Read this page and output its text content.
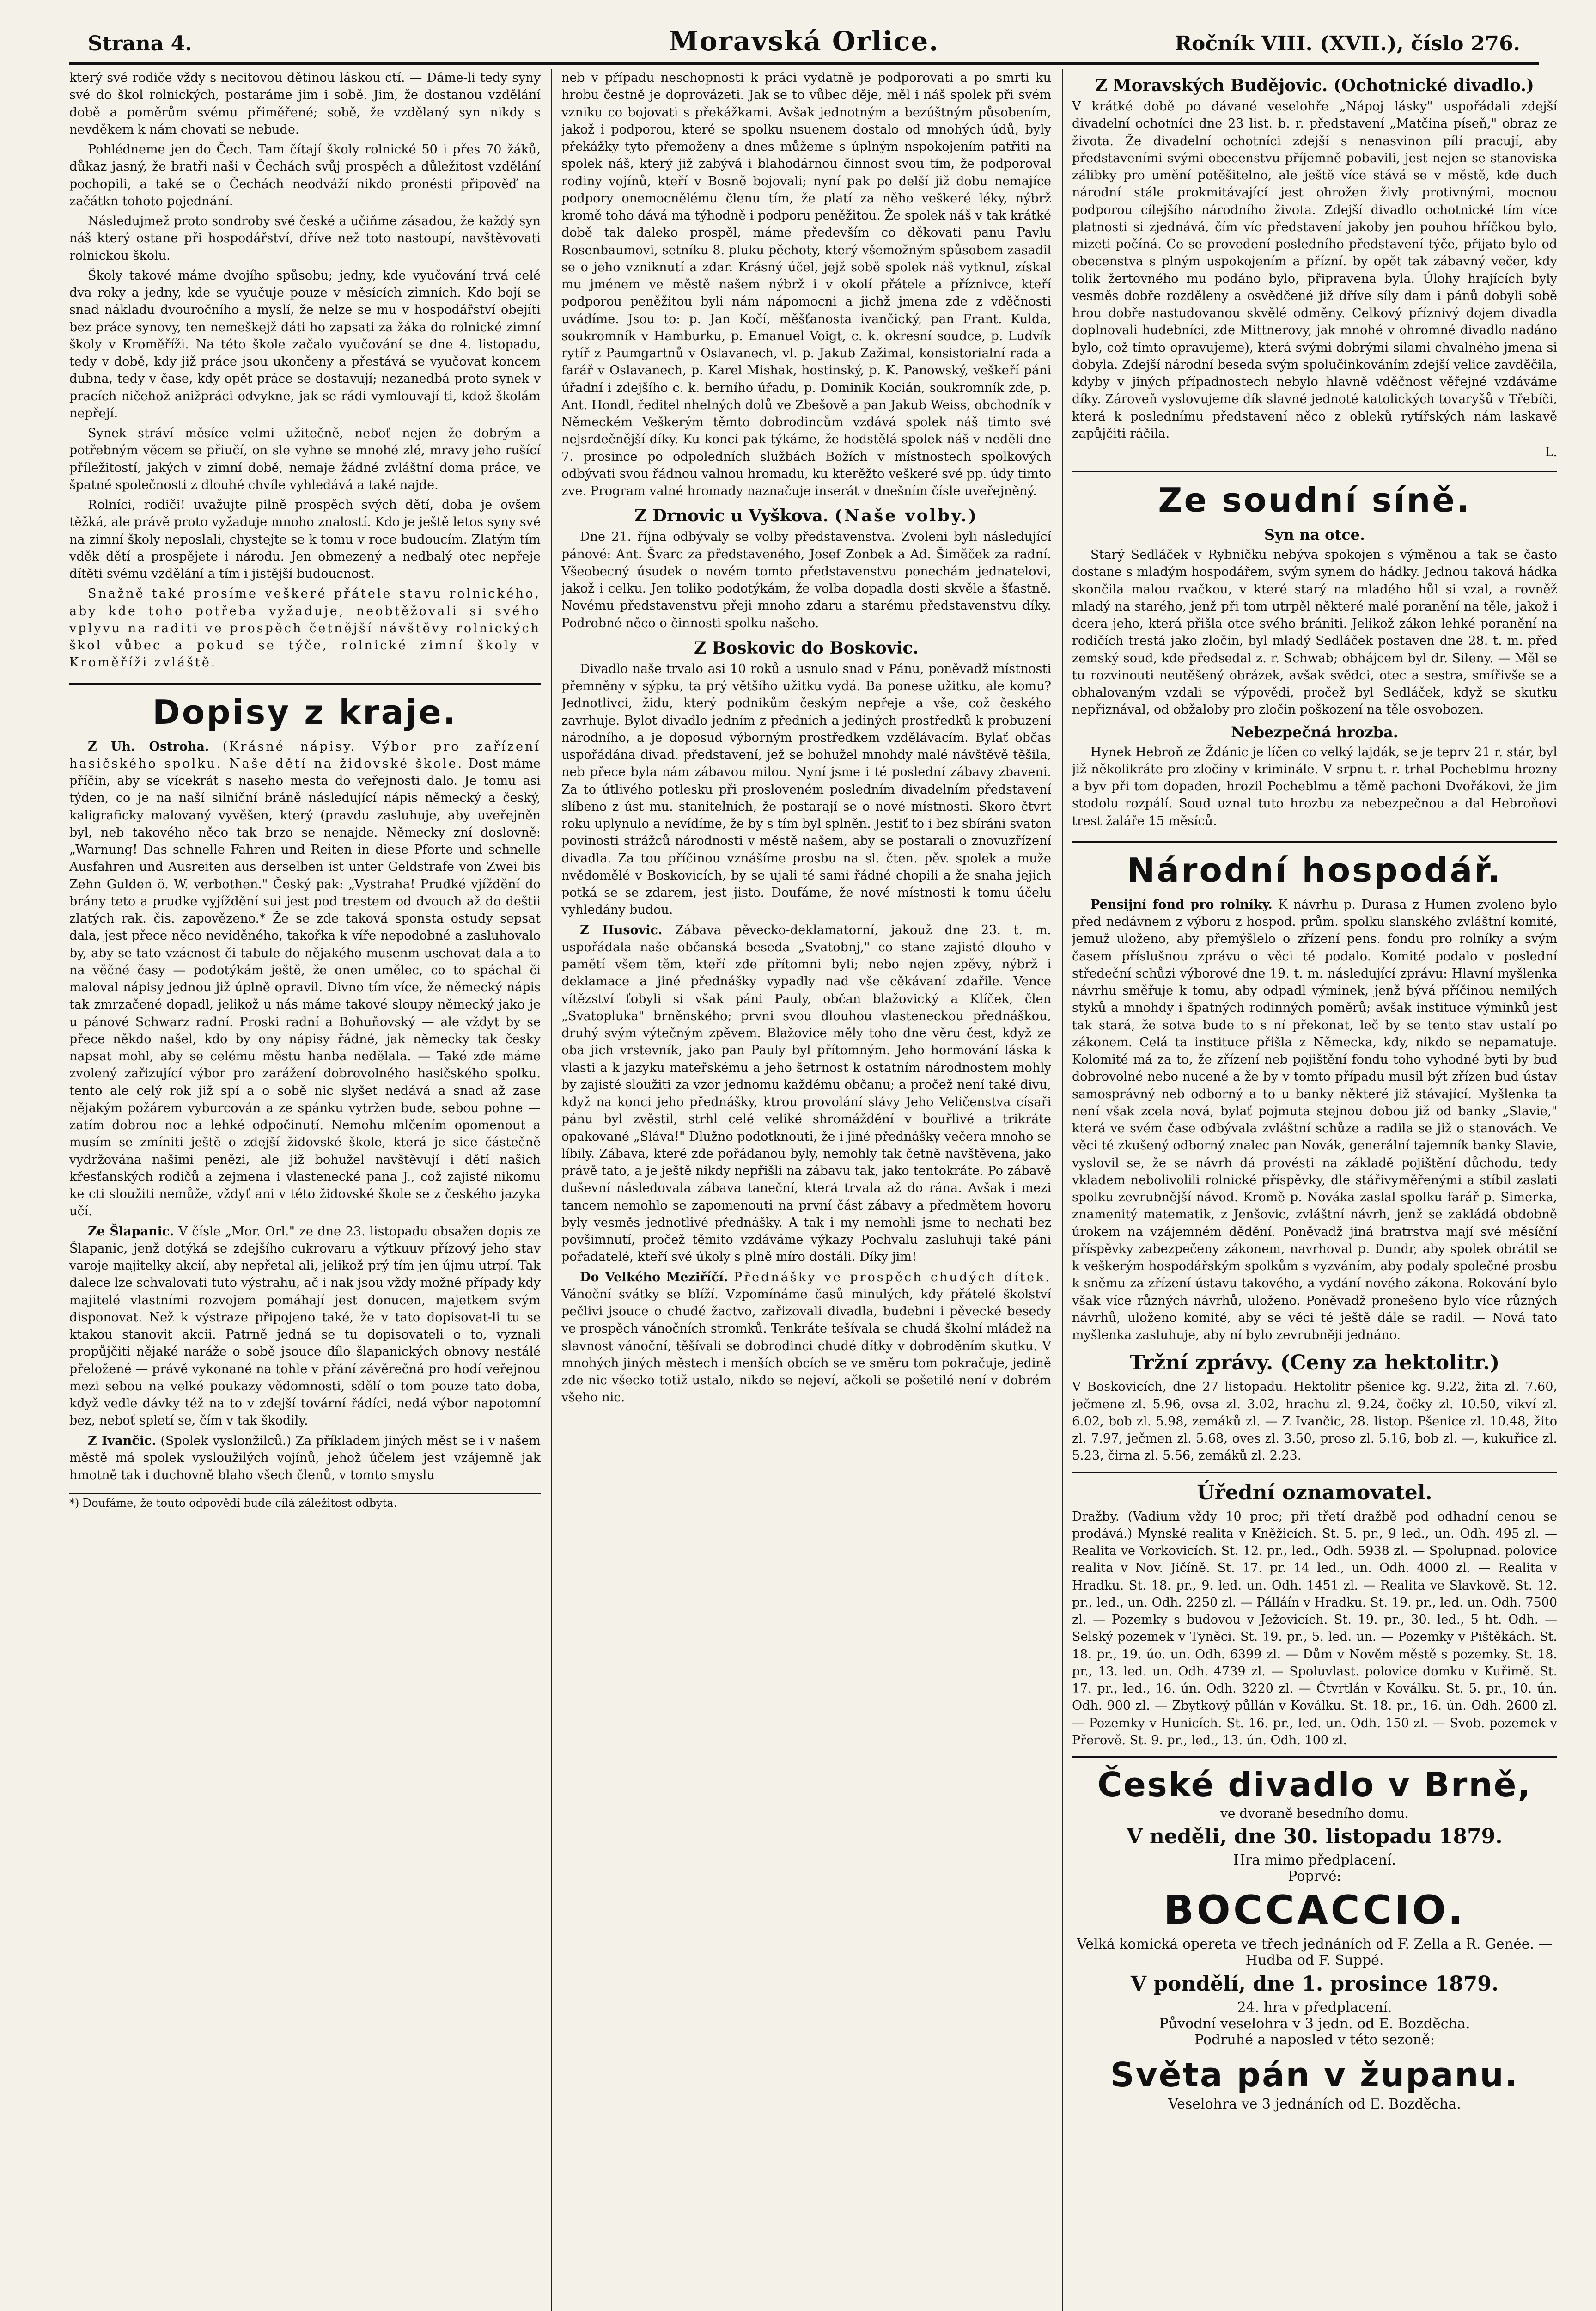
Strana 4.	Moravská Orlice.	Ročník VIII. (XVII.), číslo 276.

který své rodiče vždy s necitovou dětinou láskou ctí. — Dáme-li tedy syny své do škol rolnických, postaráme jim i sobě. Jim, že dostanou vzdělání době a poměrům svému přiměřené; sobě, že vzdělaný syn nikdy s nevděkem k nám chovati se nebude.

Pohlédneme jen do Čech. Tam čítají školy rolnické 50 i přes 70 žáků, důkaz jasný, že bratři naši v Čechách svůj prospěch a důležitost vzdělání pochopili, a také se o Čechách neodváží nikdo pronésti připověď na začátkn tohoto pojednání.

Následujmež proto sondroby své české a učiňme zásadou, že každý syn náš který ostane při hospodářství, dříve než toto nastoupí, navštěvovati rolnickou školu.

Školy takové máme dvojího spůsobu; jedny, kde vyučování trvá celé dva roky a jedny, kde se vyučuje pouze v měsících zimních. Kdo bojí se snad nákladu dvouročního a myslí, že nelze se mu v hospodářství obejíti bez práce synovy, ten nemeškejž dáti ho zapsati za žáka do rolnické zimní školy v Kroměříži. Na této škole začalo vyučování se dne 4. listopadu, tedy v době, kdy již práce jsou ukončeny a přestává se vyučovat koncem dubna, tedy v čase, kdy opět práce se dostavují; nezanedbá proto synek v pracích ničehož anižpráci odvykne, jak se rádi vymlouvají ti, kdož školám nepřejí.

Synek stráví měsíce velmi užitečně, neboť nejen že dobrým a potřebným věcem se přiučí, on sle vyhne se mnohé zlé, mravy jeho rušící příležitostí, jakých v zimní době, nemaje žádné zvláštní doma práce, ve špatné společnosti z dlouhé chvíle vyhledává a také najde.

Rolníci, rodiči! uvažujte pilně prospěch svých dětí, doba je ovšem těžká, ale právě proto vyžaduje mnoho znalostí. Kdo je ještě letos syny své na zimní školy neposlali, chystejte se k tomu v roce budoucím. Zlatým tím vděk dětí a prospějete i národu. Jen obmezený a nedbalý otec nepřeje dítěti svému vzdělání a tím i jistější budoucnost.

Snažně také prosíme veškeré přátele stavu rolnického, aby kde toho potřeba vyžaduje, neobtěžovali si svého vplyvu na raditi ve prospěch četnější návštěvy rolnických škol vůbec a pokud se týče, rolnické zimní školy v Kroměříži zvláště.

Dopisy z kraje.

Z Uh. Ostroha. (Krásné nápisy. Výbor pro zařízení hasičského spolku. Naše dětí na židovské škole. Dost máme příčin, aby se vícekrát s naseho mesta do veřejnosti dalo. Je tomu asi týden, co je na naší silniční bráně následující nápis německý a český, kaligraficky malovaný vyvěšen, který (pravdu zasluhuje, aby uveřejněn byl, neb takového něco tak brzo se nenajde. Německy zní doslovně: „Warnung! Das schnelle Fahren und Reiten in diese Pforte und schnelle Ausfahren und Ausreiten aus derselben ist unter Geldstrafe von Zwei bis Zehn Gulden ö. W. verbothen." Český pak: „Vystraha! Prudké vjíždění do brány teto a prudke vyjíždění sui jest pod trestem od dvouch až do deštii zlatých rak. čis. zapovězeno.* Že se zde taková sponsta ostudy sepsat dala, jest přece něco neviděného, takořka k víře nepodobné a zasluhovalo by, aby se tato vzácnost či tabule do nějakého musenm uschovat dala a to na věčné časy — podotýkám ještě, že onen umělec, co to spáchal či maloval nápisy jednou již úplně opravil. Divno tím více, že německý nápis tak zmrzačené dopadl, jelikož u nás máme takové sloupy německý jako je u pánové Schwarz radní. Proski radní a Bohuňovský — ale vždyt by se přece někdo našel, kdo by ony nápisy řádné, jak německy tak česky napsat mohl, aby se celému městu hanba nedělala. — Také zde máme zvolený zařizující výbor pro zarážení dobrovolného hasičského spolku. tento ale celý rok již spí a o sobě nic slyšet nedává a snad až zase nějakým požárem vyburcován a ze spánku vytržen bude, sebou pohne — zatím dobrou noc a lehké odpočinutí. Nemohu mlčením opomenout a musím se zmíniti ještě o zdejší židovské škole, která je sice částečně vydržována našimi penězi, ale již bohužel navštěvují i dětí našich křesťanských rodičů a zejmena i vlastenecké pana J., což zajisté nikomu ke cti sloužiti nemůže, vždyť ani v této židovské škole se z českého jazyka učí.

Ze Šlapanic. V čísle „Mor. Orl." ze dne 23. listopadu obsažen dopis ze Šlapanic, jenž dotýká se zdejšího cukrovaru a výtkuuv přízový jeho stav varoje majitelky akcií, aby nepřetal ali, jelikož prý tím jen újmu utrpí. Tak dalece lze schvalovati tuto výstrahu, ač i nak jsou vždy možné případy kdy majitelé vlastními rozvojem pomáhají jest donucen, majetkem svým disponovat. Než k výstraze připojeno také, že v tato dopisovat-li tu se ktakou stanovit akcii. Patrně jedná se tu dopisovateli o to, vyznali propůjčiti nějaké naráže o sobě jsouce dílo šlapanických obnovy nestálé přeložené — právě vykonané na tohle v přání závěrečná pro hodí veřejnou mezi sebou na velké poukazy vědomnosti, sdělí o tom pouze tato doba, když vedle dávky též na to v zdejší tovární řádíci, nedá výbor napotomní bez, neboť spletí se, čím v tak škodily.

Z Ivančic. (Spolek vyslonžilců.) Za příkladem jiných měst se i v našem městě má spolek vysloužilých vojínů, jehož účelem jest vzájemně jak hmotně tak i duchovně blaho všech členů, v tomto smyslu

*) Doufáme, že touto odpovědí bude cílá záležitost odbyta.

neb v případu neschopnosti k práci vydatně je podporovati a po smrti ku hrobu čestně je doprovázeti. Jak se to vůbec děje, měl i náš spolek při svém vzniku co bojovati s překážkami. Avšak jednotným a bezúštným působením, jakož i podporou, které se spolku nsuenem dostalo od mnohých údů, byly překážky tyto přemoženy a dnes můžeme s úplným nspokojením patřiti na spolek náš, který již zabývá i blahodárnou činnost svou tím, že podporoval rodiny vojínů, kteří v Bosně bojovali; nyní pak po delší již dobu nemajíce podpory onemocnělému členu tím, že platí za něho veškeré léky, nýbrž kromě toho dává ma týhodně i podporu peněžitou. Že spolek náš v tak krátké době tak daleko prospěl, máme především co děkovati panu Pavlu Rosenbaumovi, setníku 8. pluku pěchoty, který všemožným spůsobem zasadil se o jeho vzniknutí a zdar. Krásný účel, jejž sobě spolek náš vytknul, získal mu jménem ve městě našem nýbrž i v okolí přátele a příznivce, kteří podporou peněžitou byli nám nápomocni a jichž jmena zde z vděčnosti uvádíme. Jsou to: p. Jan Kočí, měšťanosta ivančický, pan Frant. Kulda, soukromník v Hamburku, p. Emanuel Voigt, c. k. okresní soudce, p. Ludvík rytíř z Paumgartnů v Oslavanech, vl. p. Jakub Zažimal, konsistorialní rada a farář v Oslavanech, p. Karel Mishak, hostinský, p. K. Panowský, veškeří páni úřadní i zdejšího c. k. berního úřadu, p. Dominik Kocián, soukromník zde, p. Ant. Hondl, ředitel nhelných dolů ve Zbešově a pan Jakub Weiss, obchodník v Německém Veškerým těmto dobrodincům vzdává spolek náš timto své nejsrdečnější díky. Ku konci pak týkáme, že hodstělá spolek náš v neděli dne 7. prosince po odpoledních službách Božích v místnostech spolkových odbývati svou řádnou valnou hromadu, ku kterěžto veškeré své pp. údy timto zve. Program valné hromady naznačuje inserát v dnešním čísle uveřejněný.

Z Drnovic u Vyškova. (Naše volby.)

Dne 21. října odbývaly se volby představenstva. Zvoleni byli následující pánové: Ant. Švarc za představeného, Josef Zonbek a Ad. Šiměček za radní. Všeobecný úsudek o novém tomto představenstvu ponechám jednatelovi, jakož i celku. Jen toliko podotýkám, že volba dopadla dosti skvěle a šťastně. Novému představenstvu přeji mnoho zdaru a starému představenstvu díky. Podrobné něco o činnosti spolku našeho.

Z Boskovic do Boskovic.

Divadlo naše trvalo asi 10 roků a usnulo snad v Pánu, poněvadž místnosti přemněny v sýpku, ta prý většího užitku vydá. Ba ponese užitku, ale komu? Jednotlivci, židu, který podnikům českým nepřeje a vše, což českého zavrhuje. Bylot divadlo jedním z předních a jediných prostředků k probuzení národního, a je doposud výborným prostředkem vzdělávacím. Bylať občas uspořádána divad. představení, jež se bohužel mnohdy malé návštěvě těšila, neb přece byla nám zábavou milou. Nyní jsme i té poslední zábavy zbaveni. Za to útlivého potlesku při prosloveném posledním divadelním představení slíbeno z úst mu. stanitelních, že postarají se o nové místnosti. Skoro čtvrt roku uplynulo a nevídíme, že by s tím byl splněn. Jestiť to i bez sbíráni svaton povinosti strážců národnosti v městě našem, aby se postarali o znovuzřízení divadla. Za tou příčinou vznášíme prosbu na sl. čten. pěv. spolek a muže nvědomělé v Boskovicích, by se ujali té sami řádné chopili a že snaha jejich potká se se zdarem, jest jisto. Doufáme, že nové místnosti k tomu účelu vyhledány budou.

Z Husovic. Zábava pěvecko-deklamatorní, jakouž dne 23. t. m. uspořádala naše občanská beseda „Svatobnj," co stane zajisté dlouho v pamětí všem těm, kteří zde přítomni byli; nebo nejen zpěvy, nýbrž i deklamace a jiné přednášky vypadly nad vše cěkávaní zdařile. Vence vítězství ťobyli si však páni Pauly, občan blažovický a Klíček, člen „Svatopluka" brněnského; prvni svou dlouhou vlasteneckou přednáškou, druhý svým výtečným zpěvem. Blažovice měly toho dne věru čest, když ze oba jich vrstevník, jako pan Pauly byl přítomným. Jeho hormování láska k vlasti a k jazyku mateřskému a jeho šetrnost k ostatním národnostem mohly by zajisté sloužiti za vzor jednomu každému občanu; a pročež není také divu, když na konci jeho přednášky, ktrou provolání slávy Jeho Veličenstva císaři pánu byl zvěstil, strhl celé veliké shromáždění v bouřlivé a trikráte opakované „Sláva!" Dlužno podotknouti, že i jiné přednášky večera mnoho se líbily. Zábava, které zde pořádanou byly, nemohly tak četně navštěvena, jako právě tato, a je ještě nikdy nepřišli na zábavu tak, jako tentokráte. Po zábavě duševní následovala zábava taneční, která trvala až do rána. Avšak i mezi tancem nemohlo se zapomenouti na první část zábavy a předmětem hovoru byly vesměs jednotlivé přednášky. A tak i my nemohli jsme to nechati bez povšimnutí, pročež těmito vzdáváme výkazy Pochvalu zasluhuji také páni pořadatelé, kteří své úkoly s plně míro dostáli. Díky jim!

Do Velkého Meziříčí. Přednášky ve prospěch chudých dítek. Vánoční svátky se blíží. Vzpomínáme časů minulých, kdy přátelé školství pečlivi jsouce o chudé žactvo, zařizovali divadla, budebni i pěvecké besedy ve prospěch vánočních stromků. Tenkráte tešívala se chudá školní mládež na slavnost vánoční, těšívali se dobrodinci chudé dítky v dobroděním skutku. V mnohých jiných městech i menších obcích se ve směru tom pokračuje, jedině zde nic všecko totiž ustalo, nikdo se nejeví, ačkoli se pošetilé není v dobrém všeho nic.

Z Moravských Budějovic. (Ochotnické divadlo.)

V krátké době po dávané veselohře „Nápoj lásky" uspořádali zdejší divadelní ochotníci dne 23 list. b. r. představení „Matčina píseň," obraz ze života. Že divadelní ochotníci zdejší s nenasvinon pílí pracují, aby představeními svými obecenstvu příjemně pobavili, jest nejen se stanoviska zálibky pro umění potěšitelno, ale ještě více stává se v městě, kde duch národní stále prokmitávající jest ohrožen živly protivnými, mocnou podporou cílejšího národního života. Zdejší divadlo ochotnické tím více platnosti si zjednává, čím víc představení jakoby jen pouhou hříčkou bylo, mizeti počíná. Co se provedení posledního představení týče, přijato bylo od obecenstva s plným uspokojením a přízní. by opět tak zábavný večer, kdy tolik žertovného mu podáno bylo, připravena byla. Úlohy hrajících byly vesměs dobře rozděleny a osvědčené již dříve síly dam i pánů dobyli sobě hrou dobře nastudovanou skvělé odměny. Celkový příznivý dojem divadla doplnovali hudebníci, zde Mittnerovy, jak mnohé v ohromné divadlo nadáno bylo, což tímto opravujeme), která svými dobrými silami chvalného jmena si dobyla. Zdejší národní beseda svým spolučinkováním zdejší velice zavděčila, kdyby v jiných případnostech nebylo hlavně vděčnost věřejné vzdáváme díky. Zároveň vyslovujeme dík slavné jednoté katolických tovaryšů v Třebíči, která k poslednímu představení něco z obleků rytířských nám laskavě zapůjčiti ráčila.

L.
Ze soudní síně.
Syn na otce.

Starý Sedláček v Rybničku nebýva spokojen s výměnou a tak se často dostane s mladým hospodářem, svým synem do hádky. Jednou taková hádka skončila malou rvačkou, v které starý na mladého hůl si vzal, a rovněž mladý na starého, jenž při tom utrpěl některé malé poranění na těle, jakož i dcera jeho, která přišla otce svého brániti. Jelikož zákon lehké poranění na rodičích trestá jako zločin, byl mladý Sedláček postaven dne 28. t. m. před zemský soud, kde předsedal z. r. Schwab; obhájcem byl dr. Sileny. — Měl se tu rozvinouti neutěšený obrázek, avšak svědci, otec a sestra, smířivše se a obhalovaným vzdali se výpovědi, pročež byl Sedláček, když se skutku nepřiznával, od obžaloby pro zločin poškození na těle osvobozen.

Nebezpečná hrozba.

Hynek Hebroň ze Ždánic je líčen co velký lajdák, se je teprv 21 r. stár, byl již několikráte pro zločiny v kriminále. V srpnu t. r. trhal Pocheblmu hrozny a byv při tom dopaden, hrozil Pocheblmu a těmě pachoni Dvořákovi, že jim stodolu rozpálí. Soud uznal tuto hrozbu za nebezpečnou a dal Hebroňovi trest žaláře 15 měsíců.

Národní hospodář.

Pensijní fond pro rolníky. K návrhu p. Durasa z Humen zvoleno bylo před nedávnem z výboru z hospod. prům. spolku slanského zvláštní komité, jemuž uloženo, aby přemýšlelo o zřízení pens. fondu pro rolníky a svým časem příslušnou zprávu o věci té podalo. Komité podalo v poslední středeční schůzi výborové dne 19. t. m. následující zprávu: Hlavní myšlenka návrhu směřuje k tomu, aby odpadl výminek, jenž bývá příčinou nemilých styků a mnohdy i špatných rodinných poměrů; avšak instituce výminků jest tak stará, že sotva bude to s ní překonat, leč by se tento stav ustalí po zákonem. Celá ta instituce přišla z Německa, kdy, nikdo se nepamatuje. Kolomité má za to, že zřízení neb pojištění fondu toho vyhodné byti by bud dobrovolné nebo nucené a že by v tomto případu musil být zřízen bud ústav samosprávný neb odborný a to u banky některé již stávající. Myšlenka ta není však zcela nová, bylať pojmuta stejnou dobou již od banky „Slavie," která ve svém čase odbývala zvláštní schůze a radila se již o stanovách. Ve věci té zkušený odborný znalec pan Novák, generální tajemník banky Slavie, vyslovil se, že se návrh dá provésti na základě pojištění důchodu, tedy vkladem nebolivolili rolnické příspěvky, dle stářivyměřenými a stíbil zaslati spolku zevrubnější návod. Kromě p. Nováka zaslal spolku farář p. Simerka, znamenitý matematik, z Jenšovic, zvláštní návrh, jenž se zakládá obdobně úrokem na vzájemném dědění. Poněvadž jiná bratrstva mají své měsíční příspěvky zabezpečeny zákonem, navrhoval p. Dundr, aby spolek obrátil se k veškerým hospodářským spolkům s vyzváním, aby podaly společné prosbu k sněmu za zřízení ústavu takového, a vydání nového zákona. Rokování bylo však více různých návrhů, uloženo. Poněvadž pronešeno bylo více různých návrhů, uloženo komité, aby se věci té ještě dále se radil. — Nová tato myšlenka zasluhuje, aby ní bylo zevrubněji jednáno.

Tržní zprávy. (Ceny za hektolitr.)

V Boskovicích, dne 27 listopadu. Hektolitr pšenice kg. 9.22, žita zl. 7.60, ječmene zl. 5.96, ovsa zl. 3.02, hrachu zl. 9.24, čočky zl. 10.50, vikví zl. 6.02, bob zl. 5.98, zemáků zl. — Z Ivančic, 28. listop. Pšenice zl. 10.48, žito zl. 7.97, ječmen zl. 5.68, oves zl. 3.50, proso zl. 5.16, bob zl. —, kukuřice zl. 5.23, čirna zl. 5.56, zemáků zl. 2.23.

Úřední oznamovatel.

Dražby. (Vadium vždy 10 proc; při třetí dražbě pod odhadní cenou se prodává.) Mynské realita v Kněžicích. St. 5. pr., 9 led., un. Odh. 495 zl. — Realita ve Vorkovicích. St. 12. pr., led., Odh. 5938 zl. — Spolupnad. polovice realita v Nov. Jičíně. St. 17. pr. 14 led., un. Odh. 4000 zl. — Realita v Hradku. St. 18. pr., 9. led. un. Odh. 1451 zl. — Realita ve Slavkově. St. 12. pr., led., un. Odh. 2250 zl. — Pálláín v Hradku. St. 19. pr., led. un. Odh. 7500 zl. — Pozemky s budovou v Ježovicích. St. 19. pr., 30. led., 5 ht. Odh. — Selský pozemek v Tyněci. St. 19. pr., 5. led. un. — Pozemky v Pištěkách. St. 18. pr., 19. úo. un. Odh. 6399 zl. — Dům v Nověm městě s pozemky. St. 18. pr., 13. led. un. Odh. 4739 zl. — Spoluvlast. polovice domku v Kuřimě. St. 17. pr., led., 16. ún. Odh. 3220 zl. — Čtvrtlán v Koválku. St. 5. pr., 10. ún. Odh. 900 zl. — Zbytkový půllán v Koválku. St. 18. pr., 16. ún. Odh. 2600 zl. — Pozemky v Hunicích. St. 16. pr., led. un. Odh. 150 zl. — Svob. pozemek v Přerově. St. 9. pr., led., 13. ún. Odh. 100 zl.

České divadlo v Brně,
ve dvoraně besedního domu.
V neděli, dne 30. listopadu 1879.
Hra mimo předplacení.
Poprvé:
BOCCACCIO.
Velká komická opereta ve třech jednáních od F. Zella a R. Genée. — Hudba od F. Suppé.
V pondělí, dne 1. prosince 1879.
24. hra v předplacení.
Původní veselohra v 3 jedn. od E. Bozděcha.
Podruhé a naposled v této sezoně:
Světa pán v županu.
Veselohra ve 3 jednáních od E. Bozděcha.
